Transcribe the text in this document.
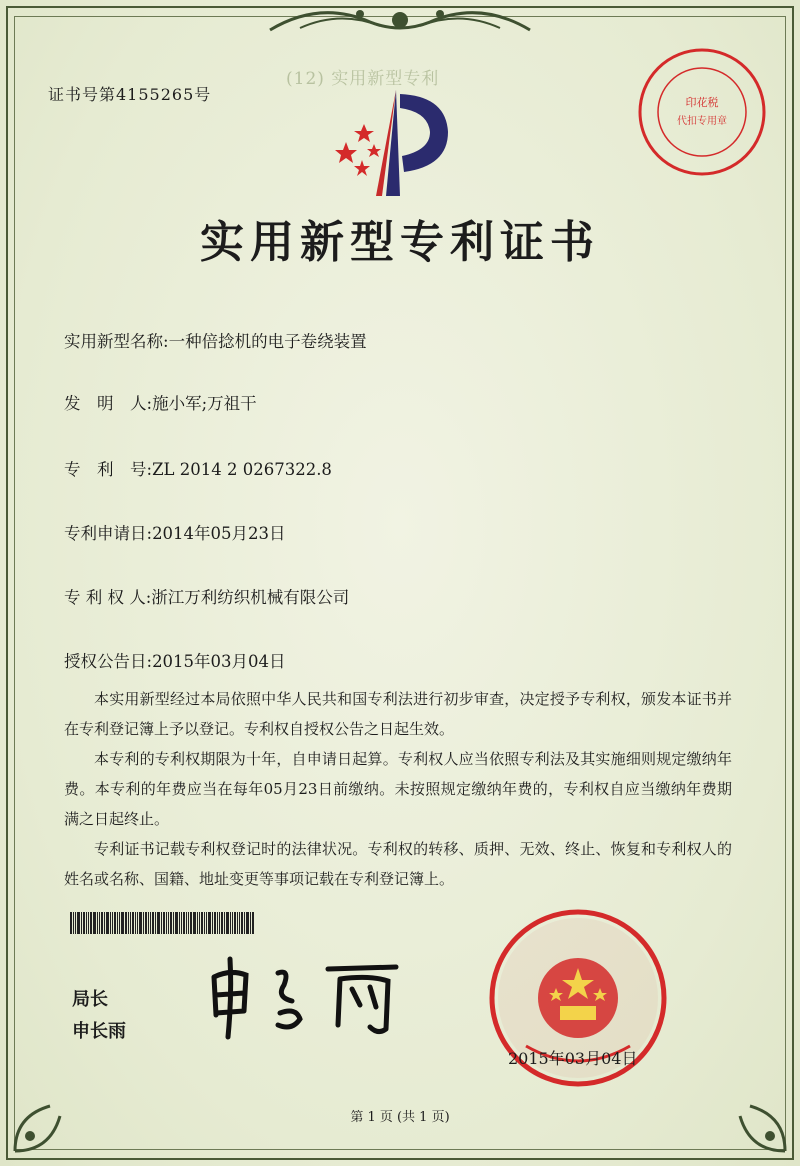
证书号第4155265号
(12) 实用新型专利
实用新型专利证书
实用新型名称:一种倍捻机的电子卷绕装置
发　明　人:施小军;万祖干
专　利　号:ZL 2014 2 0267322.8
专利申请日:2014年05月23日
专 利 权 人:浙江万利纺织机械有限公司
授权公告日:2015年03月04日

本实用新型经过本局依照中华人民共和国专利法进行初步审查，决定授予专利权，颁发本证书并在专利登记簿上予以登记。专利权自授权公告之日起生效。

本专利的专利权期限为十年，自申请日起算。专利权人应当依照专利法及其实施细则规定缴纳年费。本专利的年费应当在每年05月23日前缴纳。未按照规定缴纳年费的，专利权自应当缴纳年费期满之日起终止。

专利证书记载专利权登记时的法律状况。专利权的转移、质押、无效、终止、恢复和专利权人的姓名或名称、国籍、地址变更等事项记载在专利登记簿上。

局长
申长雨
2015年03月04日
印花税
代扣专用章
第 1 页 (共 1 页)
